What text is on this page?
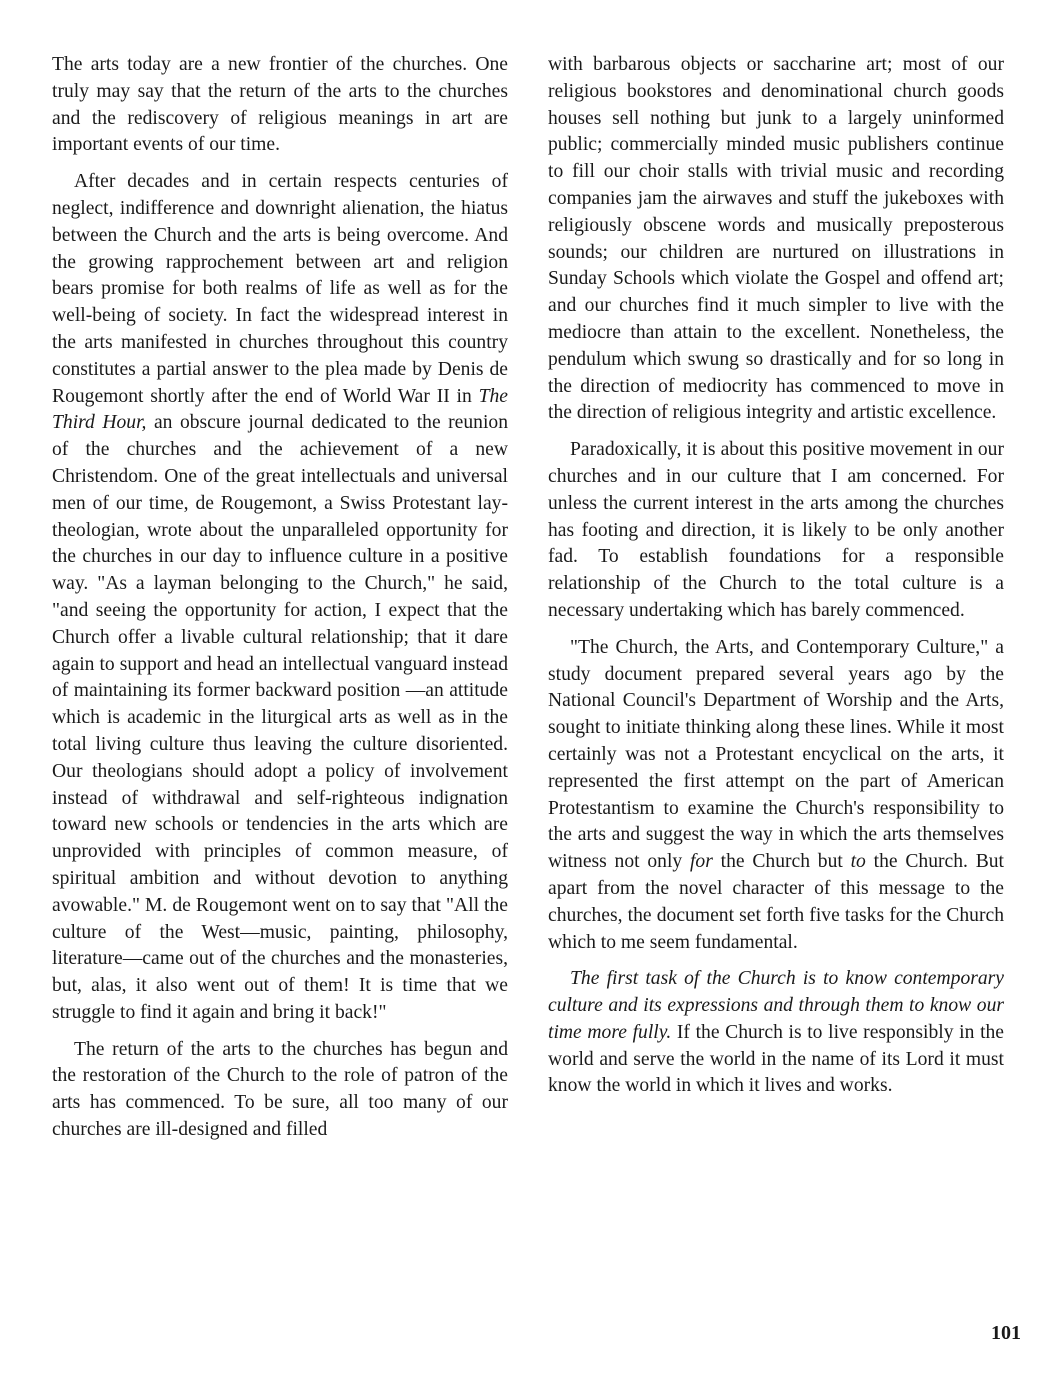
The arts today are a new frontier of the churches. One truly may say that the return of the arts to the churches and the rediscovery of religious meanings in art are important events of our time.

After decades and in certain respects centuries of neglect, indifference and downright alienation, the hiatus between the Church and the arts is being overcome. And the growing rapprochement between art and religion bears promise for both realms of life as well as for the well-being of society. In fact the widespread interest in the arts manifested in churches throughout this country constitutes a partial answer to the plea made by Denis de Rougemont shortly after the end of World War II in The Third Hour, an obscure journal dedicated to the reunion of the churches and the achievement of a new Christendom. One of the great intellectuals and universal men of our time, de Rougemont, a Swiss Protestant lay-theologian, wrote about the unparalleled opportunity for the churches in our day to influence culture in a positive way. "As a layman belonging to the Church," he said, "and seeing the opportunity for action, I expect that the Church offer a livable cultural relationship; that it dare again to support and head an intellectual vanguard instead of maintaining its former backward position —an attitude which is academic in the liturgical arts as well as in the total living culture thus leaving the culture disoriented. Our theologians should adopt a policy of involvement instead of withdrawal and self-righteous indignation toward new schools or tendencies in the arts which are unprovided with principles of common measure, of spiritual ambition and without devotion to anything avowable." M. de Rougemont went on to say that "All the culture of the West—music, painting, philosophy, literature—came out of the churches and the monasteries, but, alas, it also went out of them! It is time that we struggle to find it again and bring it back!"

The return of the arts to the churches has begun and the restoration of the Church to the role of patron of the arts has commenced. To be sure, all too many of our churches are ill-designed and filled

with barbarous objects or saccharine art; most of our religious bookstores and denominational church goods houses sell nothing but junk to a largely uninformed public; commercially minded music publishers continue to fill our choir stalls with trivial music and recording companies jam the airwaves and stuff the jukeboxes with religiously obscene words and musically preposterous sounds; our children are nurtured on illustrations in Sunday Schools which violate the Gospel and offend art; and our churches find it much simpler to live with the mediocre than attain to the excellent. Nonetheless, the pendulum which swung so drastically and for so long in the direction of mediocrity has commenced to move in the direction of religious integrity and artistic excellence.

Paradoxically, it is about this positive movement in our churches and in our culture that I am concerned. For unless the current interest in the arts among the churches has footing and direction, it is likely to be only another fad. To establish foundations for a responsible relationship of the Church to the total culture is a necessary undertaking which has barely commenced.

"The Church, the Arts, and Contemporary Culture," a study document prepared several years ago by the National Council's Department of Worship and the Arts, sought to initiate thinking along these lines. While it most certainly was not a Protestant encyclical on the arts, it represented the first attempt on the part of American Protestantism to examine the Church's responsibility to the arts and suggest the way in which the arts themselves witness not only for the Church but to the Church. But apart from the novel character of this message to the churches, the document set forth five tasks for the Church which to me seem fundamental.

The first task of the Church is to know contemporary culture and its expressions and through them to know our time more fully. If the Church is to live responsibly in the world and serve the world in the name of its Lord it must know the world in which it lives and works.

101
